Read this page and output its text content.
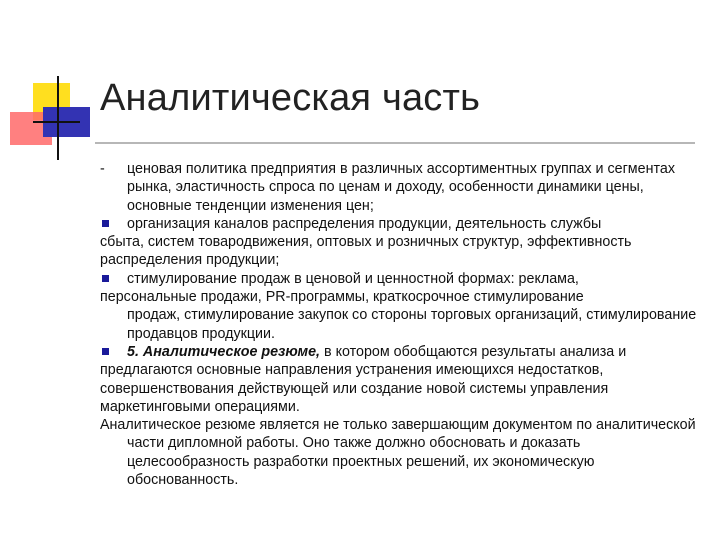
Аналитическая часть

- ценовая политика предприятия в различных ассортиментных группах и сегментах рынка, эластичность спроса по ценам и доходу, особенности динамики цены, основные тенденции изменения цен;

организация каналов распределения продукции, деятельность службы
сбыта, систем товародвижения, оптовых и розничных структур, эффективность распределения продукции;

стимулирование продаж в ценовой и ценностной формах: реклама,
персональные продажи, PR-программы, краткосрочное стимулирование
продаж, стимулирование закупок со стороны торговых организаций, стимулирование продавцов продукции.

5. Аналитическое резюме, в котором обобщаются результаты анализа и
предлагаются основные направления устранения имеющихся недостатков, совершенствования действующей или создание новой системы управления маркетинговыми операциями.

Аналитическое резюме является не только завершающим документом по аналитической части дипломной работы. Оно также должно обосновать и доказать целесообразность разработки проектных решений, их экономическую обоснованность.
